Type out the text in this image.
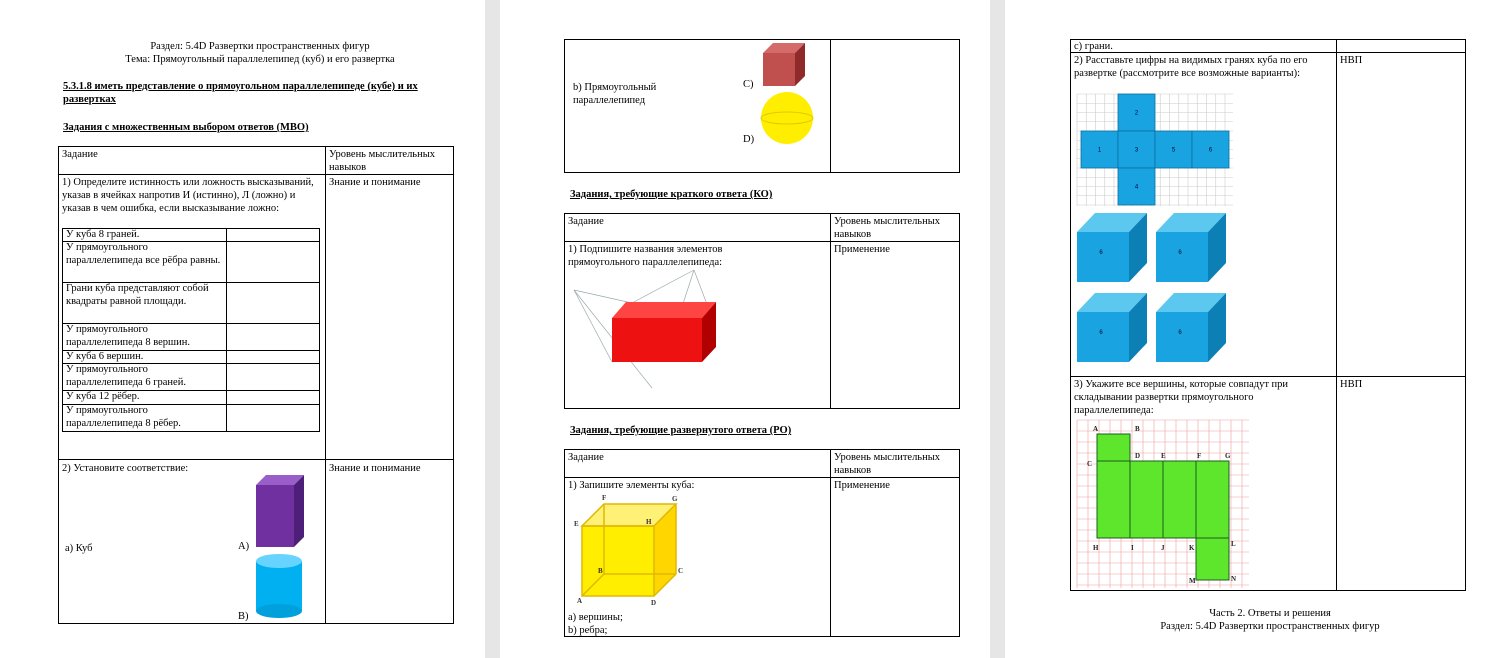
Раздел: 5.4D Развертки пространственных фигур
Тема: Прямоугольный параллелепипед (куб) и его развертка
5.3.1.8 иметь представление о прямоугольном параллелепипеде (кубе) и их развертках
Задания с множественным выбором ответов (МВО)
Задание	Уровень мыслительных навыков
1) Определите истинность или ложность высказываний, указав в ячейках напротив И (истинно), Л (ложно) и указав в чем ошибка, если высказывание ложно:
Знание и понимание
У куба 8 граней.
У прямоугольного параллелепипеда все рёбра равны.
Грани куба представляют собой квадраты равной площади.
У прямоугольного параллелепипеда 8 вершин.
У куба 6 вершин.
У прямоугольного параллелепипеда 6 граней.
У куба 12 рёбер.
У прямоугольного параллелепипеда 8 рёбер.
2) Установите соответствие:	Знание и понимание
a) Куб	A)
B)
b) Прямоугольный параллелепипед
C)
D)
Задания, требующие краткого ответа (КО)
Задание	Уровень мыслительных навыков
1) Подпишите названия элементов прямоугольного параллелепипеда:
Применение
Задания, требующие развернутого ответа (РО)
Задание	Уровень мыслительных навыков
1) Запишите элементы куба:	Применение
F	G
E	H
B	C
A	D
a) вершины;
b) ребра;
c) грани.
2) Расставьте цифры на видимых гранях куба по его развертке (рассмотрите все возможные варианты):
НВП
2
1	3	5	6
4
6	6
6	6
3) Укажите все вершины, которые совпадут при складывании развертки прямоугольного параллелепипеда:
НВП
A	B
C
D	E	F	G
H	I	J	K	L
M	N
Часть 2. Ответы и решения
Раздел: 5.4D Развертки пространственных фигур
